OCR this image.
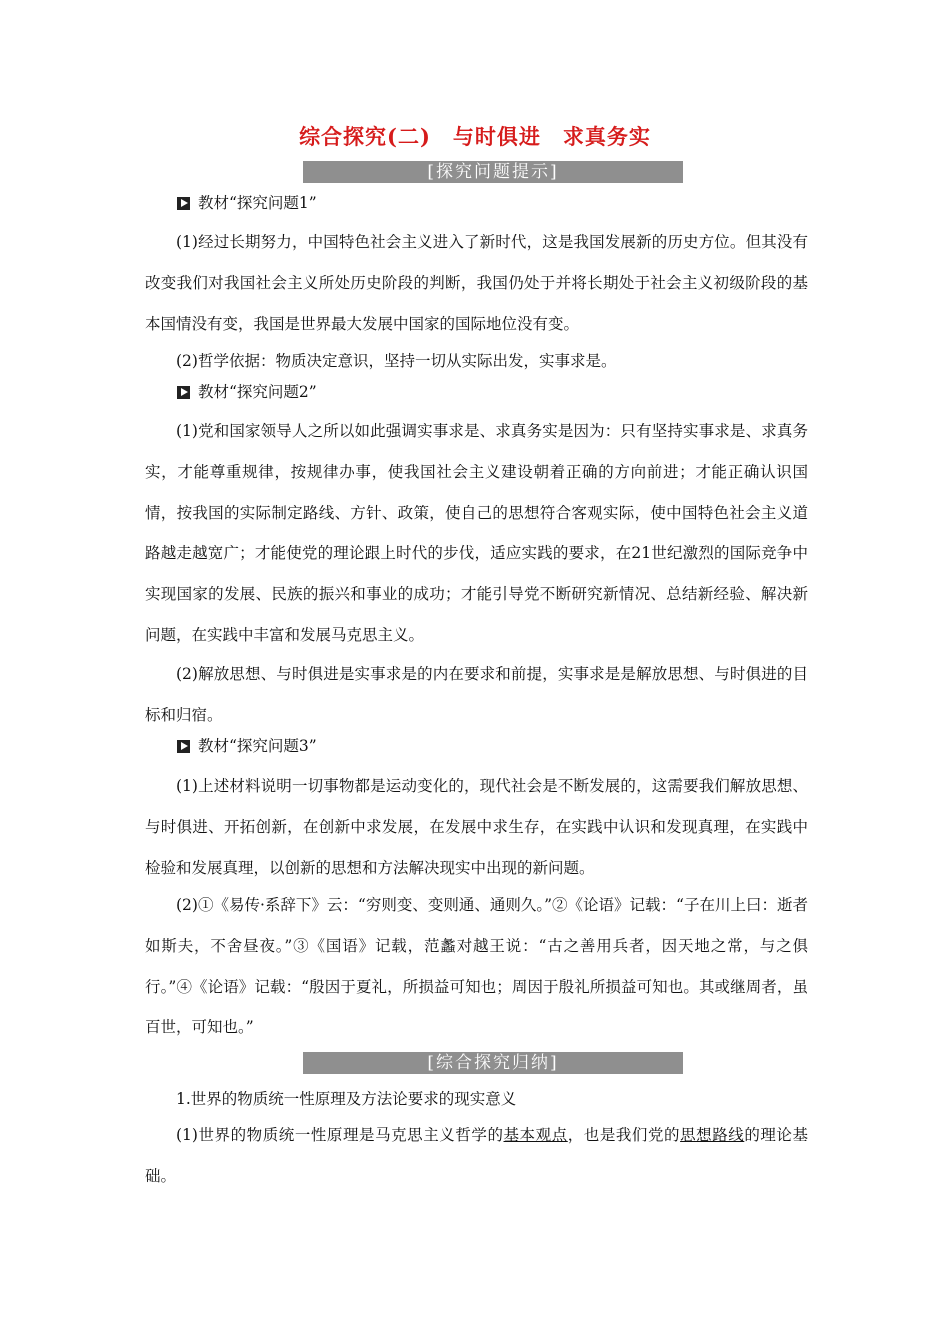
综合探究(二)　与时俱进　求真务实
[探究问题提示]
教材“探究问题1”

(1)经过长期努力，中国特色社会主义进入了新时代，这是我国发展新的历史方位。但其没有改变我们对我国社会主义所处历史阶段的判断，我国仍处于并将长期处于社会主义初级阶段的基本国情没有变，我国是世界最大发展中国家的国际地位没有变。

(2)哲学依据：物质决定意识，坚持一切从实际出发，实事求是。

教材“探究问题2”

(1)党和国家领导人之所以如此强调实事求是、求真务实是因为：只有坚持实事求是、求真务实，才能尊重规律，按规律办事，使我国社会主义建设朝着正确的方向前进；才能正确认识国情，按我国的实际制定路线、方针、政策，使自己的思想符合客观实际，使中国特色社会主义道路越走越宽广；才能使党的理论跟上时代的步伐，适应实践的要求，在21世纪激烈的国际竞争中实现国家的发展、民族的振兴和事业的成功；才能引导党不断研究新情况、总结新经验、解决新问题，在实践中丰富和发展马克思主义。

(2)解放思想、与时俱进是实事求是的内在要求和前提，实事求是是解放思想、与时俱进的目标和归宿。

教材“探究问题3”

(1)上述材料说明一切事物都是运动变化的，现代社会是不断发展的，这需要我们解放思想、与时俱进、开拓创新，在创新中求发展，在发展中求生存，在实践中认识和发现真理，在实践中检验和发展真理，以创新的思想和方法解决现实中出现的新问题。

(2)①《易传·系辞下》云：“穷则变、变则通、通则久。”②《论语》记载：“子在川上曰：逝者如斯夫，不舍昼夜。”③《国语》记载，范蠡对越王说：“古之善用兵者，因天地之常，与之俱行。”④《论语》记载：“殷因于夏礼，所损益可知也；周因于殷礼所损益可知也。其或继周者，虽百世，可知也。”

[综合探究归纳]

1.世界的物质统一性原理及方法论要求的现实意义

(1)世界的物质统一性原理是马克思主义哲学的基本观点，也是我们党的思想路线的理论基础。
